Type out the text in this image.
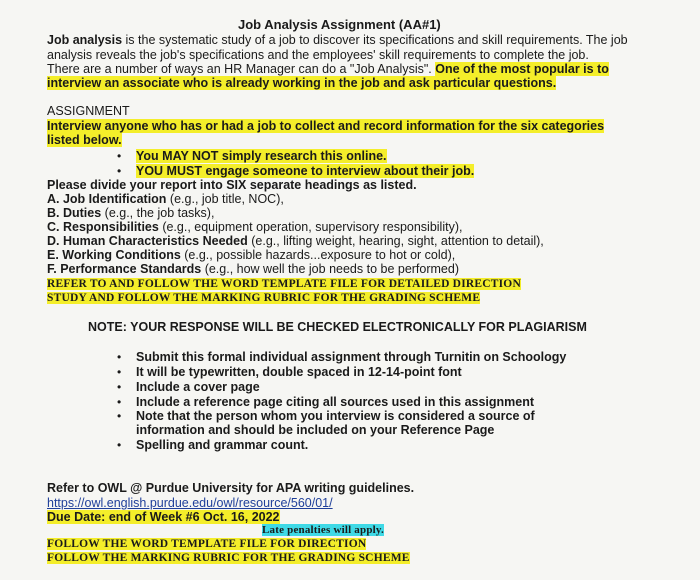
Job Analysis Assignment (AA#1)
Job analysis is the systematic study of a job to discover its specifications and skill requirements. The job
analysis reveals the job's specifications and the employees' skill requirements to complete the job.
There are a number of ways an HR Manager can do a "Job Analysis". One of the most popular is to
interview an associate who is already working in the job and ask particular questions.
ASSIGNMENT
Interview anyone who has or had a job to collect and record information for the six categories
listed below.
• You MAY NOT simply research this online.
• YOU MUST engage someone to interview about their job.
Please divide your report into SIX separate headings as listed.
A. Job Identification (e.g., job title, NOC),
B. Duties (e.g., the job tasks),
C. Responsibilities (e.g., equipment operation, supervisory responsibility),
D. Human Characteristics Needed (e.g., lifting weight, hearing, sight, attention to detail),
E. Working Conditions (e.g., possible hazards...exposure to hot or cold),
F. Performance Standards (e.g., how well the job needs to be performed)
REFER TO AND FOLLOW THE WORD TEMPLATE FILE FOR DETAILED DIRECTION
STUDY AND FOLLOW THE MARKING RUBRIC FOR THE GRADING SCHEME
NOTE: YOUR RESPONSE WILL BE CHECKED ELECTRONICALLY FOR PLAGIARISM
• Submit this formal individual assignment through Turnitin on Schoology
• It will be typewritten, double spaced in 12-14-point font
• Include a cover page
• Include a reference page citing all sources used in this assignment
• Note that the person whom you interview is considered a source of
information and should be included on your Reference Page
• Spelling and grammar count.
Refer to OWL @ Purdue University for APA writing guidelines.
https://owl.english.purdue.edu/owl/resource/560/01/
Due Date: end of Week #6 Oct. 16, 2022
Late penalties will apply.
FOLLOW THE WORD TEMPLATE FILE FOR DIRECTION
FOLLOW THE MARKING RUBRIC FOR THE GRADING SCHEME
